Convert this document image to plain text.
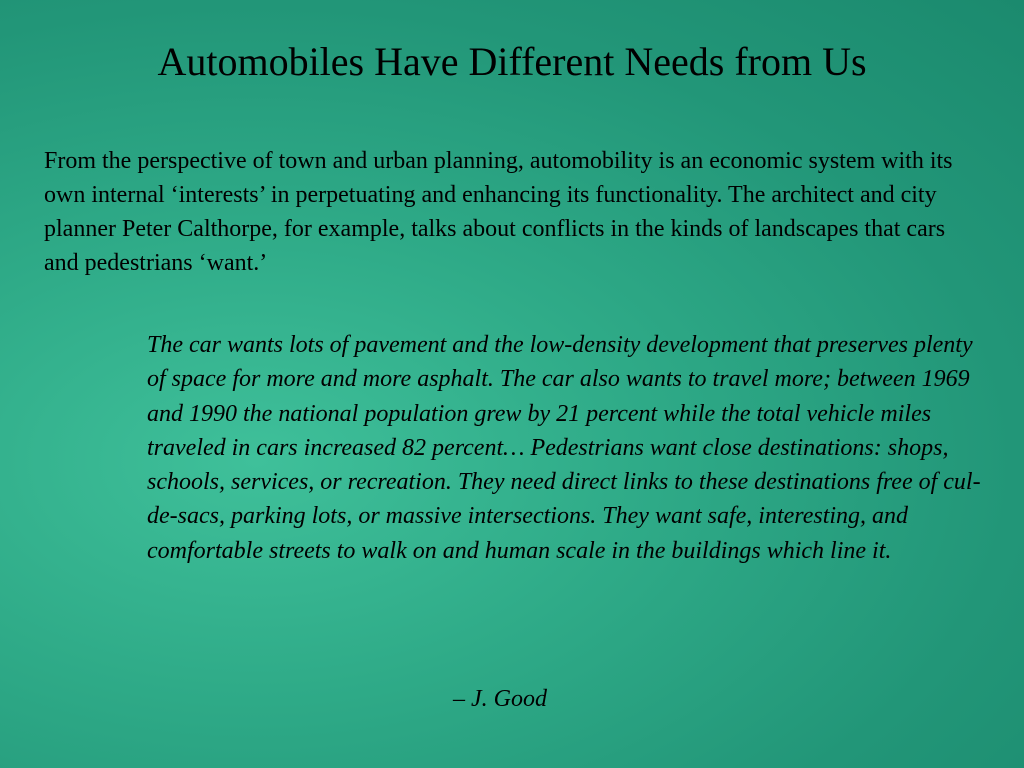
Automobiles Have Different Needs from Us
From the perspective of town and urban planning, automobility is an economic system with its own internal ‘interests’ in perpetuating and enhancing its functionality. The architect and city planner Peter Calthorpe, for example, talks about conflicts in the kinds of landscapes that cars and pedestrians ‘want.’
The car wants lots of pavement and the low-density development that preserves plenty of space for more and more asphalt. The car also wants to travel more; between 1969 and 1990 the national population grew by 21 percent while the total vehicle miles traveled in cars increased 82 percent… Pedestrians want close destinations: shops, schools, services, or recreation. They need direct links to these destinations free of cul-de-sacs, parking lots, or massive intersections. They want safe, interesting, and comfortable streets to walk on and human scale in the buildings which line it.
– J. Good
